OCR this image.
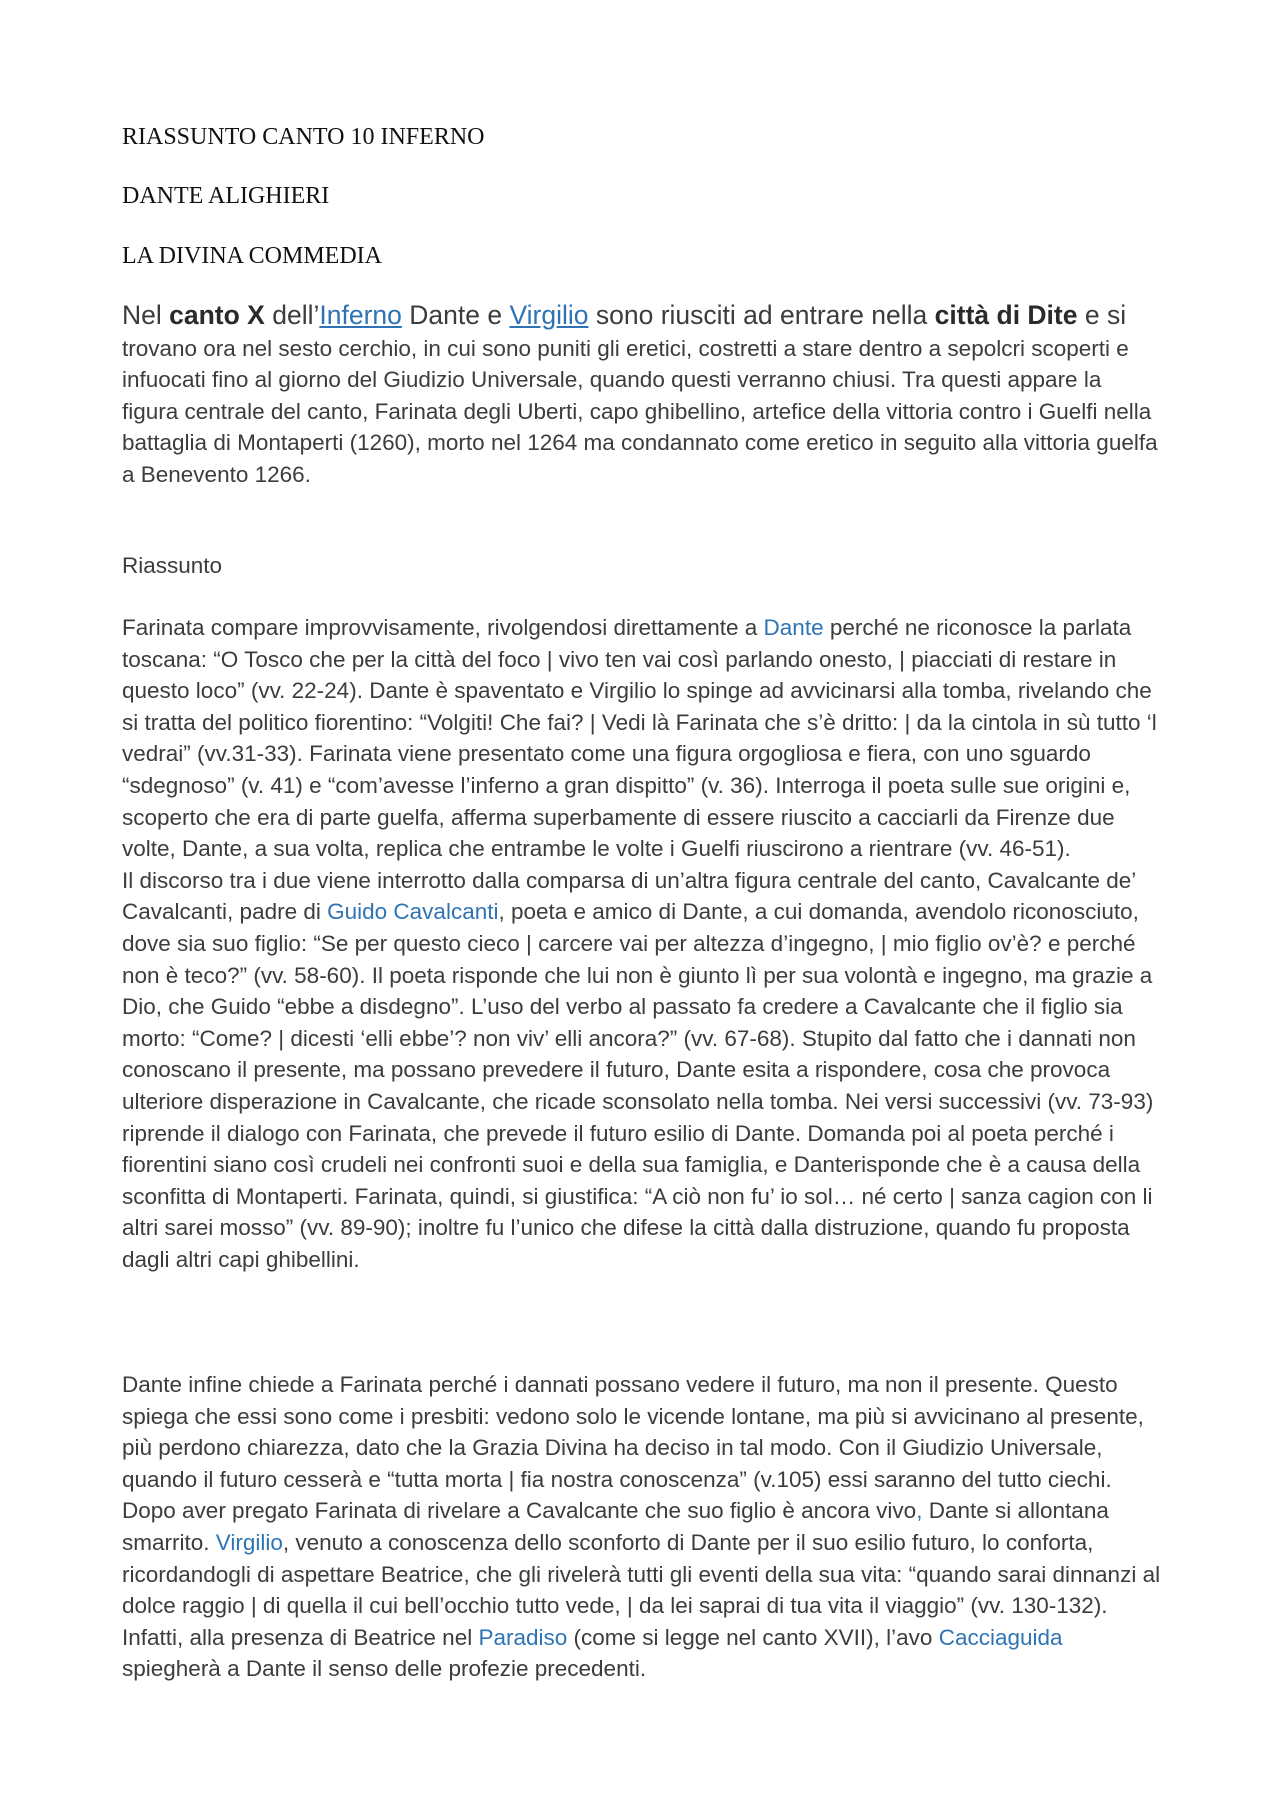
RIASSUNTO CANTO 10 INFERNO
DANTE ALIGHIERI
LA DIVINA COMMEDIA
Nel canto X dell’Inferno Dante e Virgilio sono riusciti ad entrare nella città di Dite e si
trovano ora nel sesto cerchio, in cui sono puniti gli eretici, costretti a stare dentro a sepolcri scoperti e infuocati fino al giorno del Giudizio Universale, quando questi verranno chiusi. Tra questi appare la figura centrale del canto, Farinata degli Uberti, capo ghibellino, artefice della vittoria contro i Guelfi nella battaglia di Montaperti (1260), morto nel 1264 ma condannato come eretico in seguito alla vittoria guelfa a Benevento 1266.
Riassunto

Farinata compare improvvisamente, rivolgendosi direttamente a Dante perché ne riconosce la parlata toscana: “O Tosco che per la città del foco | vivo ten vai così parlando onesto, | piacciati di restare in questo loco” (vv. 22-24). Dante è spaventato e Virgilio lo spinge ad avvicinarsi alla tomba, rivelando che si tratta del politico fiorentino: “Volgiti! Che fai? | Vedi là Farinata che s’è dritto: | da la cintola in sù tutto ‘l vedrai” (vv.31-33). Farinata viene presentato come una figura orgogliosa e fiera, con uno sguardo “sdegnoso” (v. 41) e “com’avesse l’inferno a gran dispitto” (v. 36). Interroga il poeta sulle sue origini e, scoperto che era di parte guelfa, afferma superbamente di essere riuscito a cacciarli da Firenze due volte, Dante, a sua volta, replica che entrambe le volte i Guelfi riuscirono a rientrare (vv. 46-51).

Il discorso tra i due viene interrotto dalla comparsa di un’altra figura centrale del canto, Cavalcante de’ Cavalcanti, padre di Guido Cavalcanti, poeta e amico di Dante, a cui domanda, avendolo riconosciuto, dove sia suo figlio: “Se per questo cieco | carcere vai per altezza d’ingegno, | mio figlio ov’è? e perché non è teco?” (vv. 58-60). Il poeta risponde che lui non è giunto lì per sua volontà e ingegno, ma grazie a Dio, che Guido “ebbe a disdegno”. L’uso del verbo al passato fa credere a Cavalcante che il figlio sia morto: “Come? | dicesti ‘elli ebbe’? non viv’ elli ancora?” (vv. 67-68). Stupito dal fatto che i dannati non conoscano il presente, ma possano prevedere il futuro, Dante esita a rispondere, cosa che provoca ulteriore disperazione in Cavalcante, che ricade sconsolato nella tomba. Nei versi successivi (vv. 73-93) riprende il dialogo con Farinata, che prevede il futuro esilio di Dante. Domanda poi al poeta perché i fiorentini siano così crudeli nei confronti suoi e della sua famiglia, e Danterisponde che è a causa della sconfitta di Montaperti. Farinata, quindi, si giustifica: “A ciò non fu’ io sol… né certo | sanza cagion con li altri sarei mosso” (vv. 89-90); inoltre fu l’unico che difese la città dalla distruzione, quando fu proposta dagli altri capi ghibellini.

Dante infine chiede a Farinata perché i dannati possano vedere il futuro, ma non il presente. Questo spiega che essi sono come i presbiti: vedono solo le vicende lontane, ma più si avvicinano al presente, più perdono chiarezza, dato che la Grazia Divina ha deciso in tal modo. Con il Giudizio Universale, quando il futuro cesserà e “tutta morta | fia nostra conoscenza” (v.105) essi saranno del tutto ciechi. Dopo aver pregato Farinata di rivelare a Cavalcante che suo figlio è ancora vivo, Dante si allontana smarrito. Virgilio, venuto a conoscenza dello sconforto di Dante per il suo esilio futuro, lo conforta, ricordandogli di aspettare Beatrice, che gli rivelerà tutti gli eventi della sua vita: “quando sarai dinnanzi al dolce raggio | di quella il cui bell’occhio tutto vede, | da lei saprai di tua vita il viaggio” (vv. 130-132). Infatti, alla presenza di Beatrice nel Paradiso (come si legge nel canto XVII), l’avo Cacciaguida spiegherà a Dante il senso delle profezie precedenti.
